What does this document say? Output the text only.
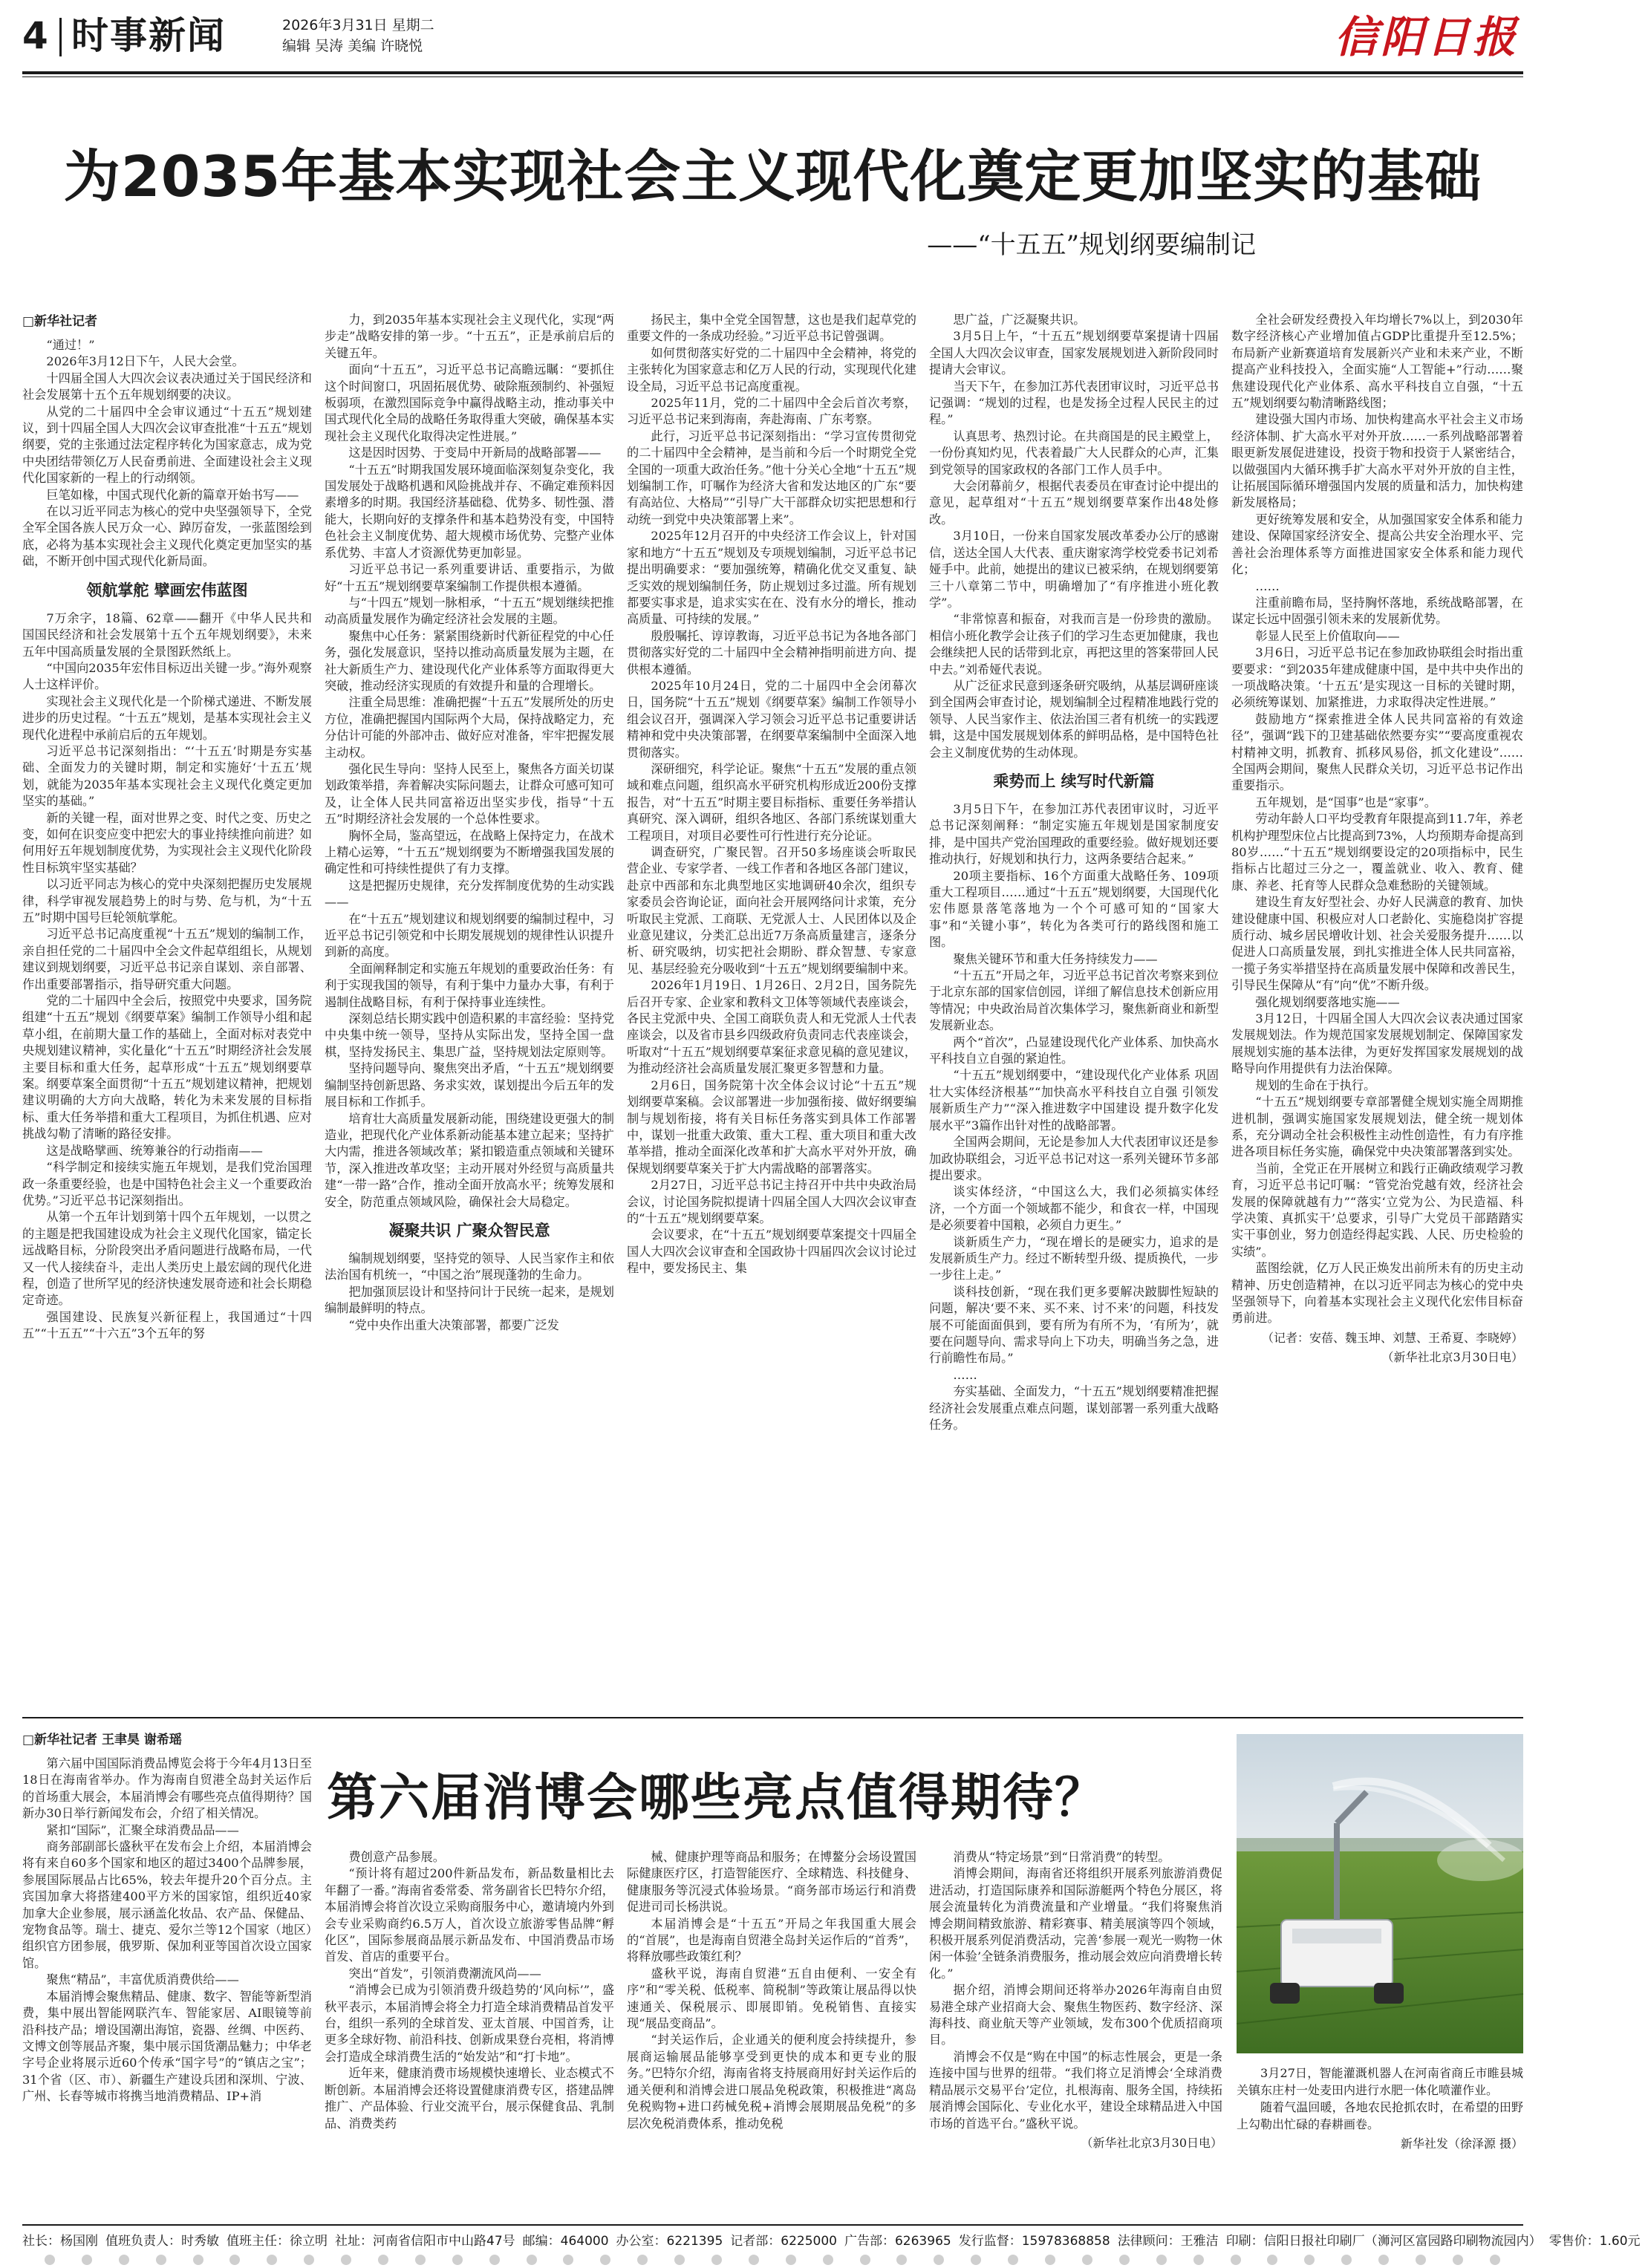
4 时事新闻	2026年3月31日 星期二
编辑 吴涛 美编 许晓悦	信阳日报
为2035年基本实现社会主义现代化奠定更加坚实的基础
——“十五五”规划纲要编制记
□新华社记者

“通过！”

2026年3月12日下午，人民大会堂。

十四届全国人大四次会议表决通过关于国民经济和社会发展第十五个五年规划纲要的决议。

从党的二十届四中全会审议通过“十五五”规划建议，到十四届全国人大四次会议审查批准“十五五”规划纲要，党的主张通过法定程序转化为国家意志，成为党中央团结带领亿万人民奋勇前进、全面建设社会主义现代化国家新的一程上的行动纲领。

巨笔如椽，中国式现代化新的篇章开始书写——

在以习近平同志为核心的党中央坚强领导下，全党全军全国各族人民万众一心、踔厉奋发，一张蓝图绘到底，必将为基本实现社会主义现代化奠定更加坚实的基础，不断开创中国式现代化新局面。

领航掌舵 擘画宏伟蓝图

7万余字，18篇、62章——翻开《中华人民共和国国民经济和社会发展第十五个五年规划纲要》，未来五年中国高质量发展的全景图跃然纸上。

“中国向2035年宏伟目标迈出关键一步。”海外观察人士这样评价。

实现社会主义现代化是一个阶梯式递进、不断发展进步的历史过程。“十五五”规划，是基本实现社会主义现代化进程中承前启后的五年规划。

习近平总书记深刻指出：“‘十五五’时期是夯实基础、全面发力的关键时期，制定和实施好‘十五五’规划，就能为2035年基本实现社会主义现代化奠定更加坚实的基础。”

新的关键一程，面对世界之变、时代之变、历史之变，如何在识变应变中把宏大的事业持续推向前进？如何用好五年规划制度优势，为实现社会主义现代化阶段性目标筑牢坚实基础？

以习近平同志为核心的党中央深刻把握历史发展规律，科学审视发展趋势上的时与势、危与机，为“十五五”时期中国号巨轮领航掌舵。

习近平总书记高度重视“十五五”规划的编制工作，亲自担任党的二十届四中全会文件起草组组长，从规划建议到规划纲要，习近平总书记亲自谋划、亲自部署、作出重要部署指示，指导研究重大问题。

党的二十届四中全会后，按照党中央要求，国务院组建“十五五”规划《纲要草案》编制工作领导小组和起草小组，在前期大量工作的基础上，全面对标对表党中央规划建议精神，实化量化“十五五”时期经济社会发展主要目标和重大任务，起草形成“十五五”规划纲要草案。纲要草案全面贯彻“十五五”规划建议精神，把规划建议明确的大方向大战略，转化为未来发展的目标指标、重大任务举措和重大工程项目，为抓住机遇、应对挑战勾勒了清晰的路径安排。

这是战略擘画、统筹兼谷的行动指南——

“科学制定和接续实施五年规划，是我们党治国理政一条重要经验，也是中国特色社会主义一个重要政治优势。”习近平总书记深刻指出。

从第一个五年计划到第十四个五年规划，一以贯之的主题是把我国建设成为社会主义现代化国家，锚定长远战略目标，分阶段突出矛盾问题进行战略布局，一代又一代人接续奋斗，走出人类历史上最宏阔的现代化进程，创造了世所罕见的经济快速发展奇迹和社会长期稳定奇迹。

强国建设、民族复兴新征程上，我国通过“十四五”“十五五”“十六五”3个五年的努

力，到2035年基本实现社会主义现代化，实现“两步走”战略安排的第一步。“十五五”，正是承前启后的关键五年。

面向“十五五”，习近平总书记高瞻远瞩：“要抓住这个时间窗口，巩固拓展优势、破除瓶颈制约、补强短板弱项，在激烈国际竞争中赢得战略主动，推动事关中国式现代化全局的战略任务取得重大突破，确保基本实现社会主义现代化取得决定性进展。”

这是因时因势、于变局中开新局的战略部署——

“十五五”时期我国发展环境面临深刻复杂变化，我国发展处于战略机遇和风险挑战并存、不确定难预料因素增多的时期。我国经济基础稳、优势多、韧性强、潜能大，长期向好的支撑条件和基本趋势没有变，中国特色社会主义制度优势、超大规模市场优势、完整产业体系优势、丰富人才资源优势更加彰显。

习近平总书记一系列重要讲话、重要指示，为做好“十五五”规划纲要草案编制工作提供根本遵循。

与“十四五”规划一脉相承，“十五五”规划继续把推动高质量发展作为确定经济社会发展的主题。

聚焦中心任务：紧紧围绕新时代新征程党的中心任务，强化发展意识，坚持以推动高质量发展为主题，在社大新质生产力、建设现代化产业体系等方面取得更大突破，推动经济实现质的有效提升和量的合理增长。

注重全局思维：准确把握“十五五”发展所处的历史方位，准确把握国内国际两个大局，保持战略定力，充分估计可能的外部冲击、做好应对准备，牢牢把握发展主动权。

强化民生导向：坚持人民至上，聚焦各方面关切谋划政策举措，奔着解决实际问题去，让群众可感可知可及，让全体人民共同富裕迈出坚实步伐，指导“十五五”时期经济社会发展的一个总体性要求。

胸怀全局，鉴高望远，在战略上保持定力，在战术上精心运筹，“十五五”规划纲要为不断增强我国发展的确定性和可持续性提供了有力支撑。

这是把握历史规律，充分发挥制度优势的生动实践——

在“十五五”规划建议和规划纲要的编制过程中，习近平总书记引领党和中长期发展规划的规律性认识提升到新的高度。

全面阐释制定和实施五年规划的重要政治任务：有利于实现我国的领导，有利于集中力量办大事，有利于遏制住战略目标，有利于保持事业连续性。

深刻总结长期实践中创造积累的丰富经验：坚持党中央集中统一领导，坚持从实际出发，坚持全国一盘棋，坚持发扬民主、集思广益，坚持规划法定原则等。

坚持问题导向、聚焦突出矛盾，“十五五”规划纲要编制坚持创新思路、务求实效，谋划提出今后五年的发展目标和工作抓手。

培育壮大高质量发展新动能，围绕建设更强大的制造业，把现代化产业体系新动能基本建立起来；坚持扩大内需，推进各领域改革；紧扣锻造重点领域和关键环节，深入推进改革攻坚；主动开展对外经贸与高质量共建“一带一路”合作，推动全面开放高水平；统筹发展和安全，防范重点领域风险，确保社会大局稳定。

凝聚共识 广聚众智民意

编制规划纲要，坚持党的领导、人民当家作主和依法治国有机统一，“中国之治”展现蓬勃的生命力。

把加强顶层设计和坚持问计于民统一起来，是规划编制最鲜明的特点。

“党中央作出重大决策部署，都要广泛发

扬民主，集中全党全国智慧，这也是我们起草党的重要文件的一条成功经验。”习近平总书记曾强调。

如何贯彻落实好党的二十届四中全会精神，将党的主张转化为国家意志和亿万人民的行动，实现现代化建设全局，习近平总书记高度重视。

2025年11月，党的二十届四中全会后首次考察，习近平总书记来到海南，奔赴海南、广东考察。

此行，习近平总书记深刻指出：“学习宣传贯彻党的二十届四中全会精神，是当前和今后一个时期党全党全国的一项重大政治任务。”他十分关心全地“十五五”规划编制工作，叮嘱作为经济大省和发达地区的广东“要有高站位、大格局”“引导广大干部群众切实把思想和行动统一到党中央决策部署上来”。

2025年12月召开的中央经济工作会议上，针对国家和地方“十五五”规划及专项规划编制，习近平总书记提出明确要求：“要加强统筹，精确化优交叉重复、缺乏实效的规划编制任务，防止规划过多过滥。所有规划都要实事求是，追求实实在在、没有水分的增长，推动高质量、可持续的发展。”

殷殷嘱托、谆谆教诲，习近平总书记为各地各部门贯彻落实好党的二十届四中全会精神指明前进方向、提供根本遵循。

2025年10月24日，党的二十届四中全会闭幕次日，国务院“十五五”规划《纲要草案》编制工作领导小组会议召开，强调深入学习领会习近平总书记重要讲话精神和党中央决策部署，在纲要草案编制中全面深入地贯彻落实。

深研细究，科学论证。聚焦“十五五”发展的重点领域和难点问题，组织高水平研究机构形成近200份支撑报告，对“十五五”时期主要目标指标、重要任务举措认真研究、深入调研，组织各地区、各部门系统谋划重大工程项目，对项目必要性可行性进行充分论证。

调查研究，广聚民智。召开50多场座谈会听取民营企业、专家学者、一线工作者和各地区各部门建议，赴京中西部和东北典型地区实地调研40余次，组织专家委员会咨询论证，面向社会开展网络问计求策，充分听取民主党派、工商联、无党派人士、人民团体以及企业意见建议，分类汇总出近7万条高质量建言，逐条分析、研究吸纳，切实把社会期盼、群众智慧、专家意见、基层经验充分吸收到“十五五”规划纲要编制中来。

2026年1月19日、1月26日、2月2日，国务院先后召开专家、企业家和教科文卫体等领域代表座谈会，各民主党派中央、全国工商联负责人和无党派人士代表座谈会，以及省市县乡四级政府负责同志代表座谈会，听取对“十五五”规划纲要草案征求意见稿的意见建议，为推动经济社会高质量发展汇聚更多智慧和力量。

2月6日，国务院第十次全体会议讨论“十五五”规划纲要草案稿。会议部署进一步加强衔接、做好纲要编制与规划衔接，将有关目标任务落实到具体工作部署中，谋划一批重大政策、重大工程、重大项目和重大改革举措，推动全面深化改革和扩大高水平对外开放，确保规划纲要草案关于扩大内需战略的部署落实。

2月27日，习近平总书记主持召开中共中央政治局会议，讨论国务院拟提请十四届全国人大四次会议审查的“十五五”规划纲要草案。

会议要求，在“十五五”规划纲要草案提交十四届全国人大四次会议审查和全国政协十四届四次会议讨论过程中，要发扬民主、集

思广益，广泛凝聚共识。

3月5日上午，“十五五”规划纲要草案提请十四届全国人大四次会议审查，国家发展规划进入新阶段同时提请大会审议。

当天下午，在参加江苏代表团审议时，习近平总书记强调：“规划的过程，也是发扬全过程人民民主的过程。”

认真思考、热烈讨论。在共商国是的民主殿堂上，一份份真知灼见，代表着最广大人民群众的心声，汇集到党领导的国家政权的各部门工作人员手中。

大会闭幕前夕，根据代表委员在审查讨论中提出的意见，起草组对“十五五”规划纲要草案作出48处修改。

3月10日，一份来自国家发展改革委办公厅的感谢信，送达全国人大代表、重庆谢家湾学校党委书记刘希娅手中。此前，她提出的建议已被采纳，在规划纲要第三十八章第二节中，明确增加了“有序推进小班化教学”。

“非常惊喜和振奋，对我而言是一份珍贵的激励。相信小班化教学会让孩子们的学习生态更加健康，我也会继续把人民的话带到北京，再把这里的答案带回人民中去。”刘希娅代表说。

从广泛征求民意到逐条研究吸纳，从基层调研座谈到全国两会审查讨论，规划编制全过程精准地践行党的领导、人民当家作主、依法治国三者有机统一的实践逻辑，这是中国发展规划体系的鲜明品格，是中国特色社会主义制度优势的生动体现。

乘势而上 续写时代新篇

3月5日下午，在参加江苏代表团审议时，习近平总书记深刻阐释：“制定实施五年规划是国家制度安排，是中国共产党治国理政的重要经验。做好规划还要推动执行，好规划和执行力，这两条要结合起来。”

20项主要指标、16个方面重大战略任务、109项重大工程项目……通过“十五五”规划纲要，大国现代化宏伟愿景落笔落地为一个个可感可知的“国家大事”和“关键小事”，转化为各类可行的路线图和施工图。

聚焦关键环节和重大任务持续发力——

“十五五”开局之年，习近平总书记首次考察来到位于北京东部的国家信创园，详细了解信息技术创新应用等情况；中央政治局首次集体学习，聚焦新商业和新型发展新业态。

两个“首次”，凸显建设现代化产业体系、加快高水平科技自立自强的紧迫性。

“十五五”规划纲要中，“建设现代化产业体系 巩固壮大实体经济根基”“加快高水平科技自立自强 引领发展新质生产力”“深入推进数字中国建设 提升数字化发展水平”3篇作出针对性的战略部署。

全国两会期间，无论是参加人大代表团审议还是参加政协联组会，习近平总书记对这一系列关键环节多部提出要求。

谈实体经济，“中国这么大，我们必须搞实体经济，一个方面一个领域都不能少，和食衣一样，中国现是必须要着中国粮，必须自力更生。”

谈新质生产力，“现在增长的是硬实力，追求的是发展新质生产力。经过不断转型升级、提质换代，一步一步往上走。”

谈科技创新，“现在我们更多要解决跛脚性短缺的问题，解决‘要不来、买不来、讨不来’的问题，科技发展不可能面面俱到，要有所为有所不为，‘有所为’，就要在问题导向、需求导向上下功夫，明确当务之急，进行前瞻性布局。”

……

夯实基础、全面发力，“十五五”规划纲要精准把握经济社会发展重点难点问题，谋划部署一系列重大战略任务。

全社会研发经费投入年均增长7%以上，到2030年数字经济核心产业增加值占GDP比重提升至12.5%；布局新产业新赛道培育发展新兴产业和未来产业，不断提高产业科技投入，全面实施“人工智能+”行动……聚焦建设现代化产业体系、高水平科技自立自强，“十五五”规划纲要勾勒清晰路线图；

建设强大国内市场、加快构建高水平社会主义市场经济体制、扩大高水平对外开放……一系列战略部署着眼更新发展促进建设，投资于物和投资于人紧密结合，以做强国内大循环携手扩大高水平对外开放的自主性，让拓展国际循环增强国内发展的质量和活力，加快构建新发展格局；

更好统筹发展和安全，从加强国家安全体系和能力建设、保障国家经济安全、提高公共安全治理水平、完善社会治理体系等方面推进国家安全体系和能力现代化；

……

注重前瞻布局，坚持胸怀落地，系统战略部署，在谋定长远中固强引领未来的发展新优势。

彰显人民至上价值取向——

3月6日，习近平总书记在参加政协联组会时指出重要要求：“到2035年建成健康中国，是中共中央作出的一项战略决策。‘十五五’是实现这一目标的关键时期，必须统筹谋划、加紧推进，力求取得决定性进展。”

鼓励地方“探索推进全体人民共同富裕的有效途径”，强调“践下的卫建基础依然要夯实”“要高度重视农村精神文明，抓教育、抓移风易俗，抓文化建设”……全国两会期间，聚焦人民群众关切，习近平总书记作出重要指示。

五年规划，是“国事”也是“家事”。

劳动年龄人口平均受教育年限提高到11.7年，养老机构护理型床位占比提高到73%，人均预期寿命提高到80岁……“十五五”规划纲要设定的20项指标中，民生指标占比超过三分之一，覆盖就业、收入、教育、健康、养老、托育等人民群众急难愁盼的关键领域。

建设生育友好型社会、办好人民满意的教育、加快建设健康中国、积极应对人口老龄化、实施稳岗扩容提质行动、城乡居民增收计划、社会关爱服务提升……以促进人口高质量发展，到扎实推进全体人民共同富裕，一揽子务实举措坚持在高质量发展中保障和改善民生，引导民生保障从“有”向“优”不断升级。

强化规划纲要落地实施——

3月12日，十四届全国人大四次会议表决通过国家发展规划法。作为规范国家发展规划制定、保障国家发展规划实施的基本法律，为更好发挥国家发展规划的战略导向作用提供有力法治保障。

规划的生命在于执行。

“十五五”规划纲要专章部署健全规划实施全周期推进机制，强调实施国家发展规划法，健全统一规划体系，充分调动全社会积极性主动性创造性，有力有序推进各项目标任务实施，确保党中央决策部署落到实处。

当前，全党正在开展树立和践行正确政绩观学习教育，习近平总书记叮嘱：“管党治党越有效，经济社会发展的保障就越有力”“落实‘立党为公、为民造福、科学决策、真抓实干’总要求，引导广大党员干部踏踏实实干事创业，努力创造经得起实践、人民、历史检验的实绩”。

蓝图绘就，亿万人民正焕发出前所未有的历史主动精神、历史创造精神，在以习近平同志为核心的党中央坚强领导下，向着基本实现社会主义现代化宏伟目标奋勇前进。

（记者：安蓓、魏玉坤、刘慧、王希夏、李晓婷）
（新华社北京3月30日电）
□新华社记者 王聿昊 谢希瑶

第六届中国国际消费品博览会将于今年4月13日至18日在海南省举办。作为海南自贸港全岛封关运作后的首场重大展会，本届消博会有哪些亮点值得期待？国新办30日举行新闻发布会，介绍了相关情况。

紧扣“国际”，汇聚全球消费品品——

商务部副部长盛秋平在发布会上介绍，本届消博会将有来自60多个国家和地区的超过3400个品牌参展，参展国际展品占比65%，较去年提升20个百分点。主宾国加拿大将搭建400平方米的国家馆，组织近40家加拿大企业参展，展示涵盖化妆品、农产品、保健品、宠物食品等。瑞士、捷克、爱尔兰等12个国家（地区）组织官方团参展，俄罗斯、保加利亚等国首次设立国家馆。

聚焦“精品”，丰富优质消费供给——

本届消博会聚焦精品、健康、数字、智能等新型消费，集中展出智能网联汽车、智能家居、AI眼镜等前沿科技产品；增设国潮出海馆，瓷器、丝绸、中医药、文博文创等展品齐聚，集中展示国货潮品魅力；中华老字号企业将展示近60个传承“国字号”的“镇店之宝”；31个省（区、市）、新疆生产建设兵团和深圳、宁波、广州、长春等城市将携当地消费精品、IP+消

第六届消博会哪些亮点值得期待？

费创意产品参展。

“预计将有超过200件新品发布，新品数量相比去年翻了一番。”海南省委常委、常务副省长巴特尔介绍，本届消博会将首次设立采购商服务中心，邀请境内外到会专业采购商约6.5万人，首次设立旅游零售品牌“孵化区”，国际参展商品展示新品发布、中国消费品市场首发、首店的重要平台。

突出“首发”，引领消费潮流风尚——

“消博会已成为引领消费升级趋势的‘风向标’”，盛秋平表示，本届消博会将全力打造全球消费精品首发平台，组织一系列的全球首发、亚太首展、中国首秀，让更多全球好物、前沿科技、创新成果登台亮相，将消博会打造成全球消费生活的“始发站”和“打卡地”。

近年来，健康消费市场规模快速增长、业态模式不断创新。本届消博会还将设置健康消费专区，搭建品牌推广、产品体验、行业交流平台，展示保健食品、乳制品、消费类药

械、健康护理等商品和服务；在博鳌分会场设置国际健康医疗区，打造智能医疗、全球精选、科技健身、健康服务等沉浸式体验场景。“商务部市场运行和消费促进司司长杨洪说。

本届消博会是“十五五”开局之年我国重大展会的“首展”，也是海南自贸港全岛封关运作后的“首秀”，将释放哪些政策红利？

盛秋平说，海南自贸港“五自由便利、一安全有序”和“零关税、低税率、简税制”等政策让展品得以快速通关、保税展示、即展即销。免税销售、直接实现“展品变商品”。

“封关运作后，企业通关的便利度会持续提升，参展商运输展品能够享受到更快的成本和更专业的服务。”巴特尔介绍，海南省将支持展商用好封关运作后的通关便利和消博会进口展品免税政策，积极推进“离岛免税购物+进口药械免税+消博会展期展品免税”的多层次免税消费体系，推动免税

消费从“特定场景”到“日常消费”的转型。

消博会期间，海南省还将组织开展系列旅游消费促进活动，打造国际康养和国际游艇两个特色分展区，将展会流量转化为消费流量和产业增量。“我们将聚焦消博会期间精致旅游、精彩赛事、精美展演等四个领域，积极开展系列促消费活动，完善‘参展一观光一购物一休闲一体验’全链条消费服务，推动展会效应向消费增长转化。”

据介绍，消博会期间还将举办2026年海南自由贸易港全球产业招商大会、聚焦生物医药、数字经济、深海科技、商业航天等产业领域，发布300个优质招商项目。

消博会不仅是“购在中国”的标志性展会，更是一条连接中国与世界的纽带。“我们将立足消博会‘全球消费精品展示交易平台’定位，扎根海南、服务全国，持续拓展消博会国际化、专业化水平，建设全球精品进入中国市场的首选平台。”盛秋平说。

（新华社北京3月30日电）

3月27日，智能灌溉机器人在河南省商丘市睢县城关镇东庄村一处麦田内进行水肥一体化喷灌作业。

随着气温回暖，各地农民抢抓农时，在希望的田野上勾勒出忙碌的春耕画卷。

新华社发（徐泽源 摄）
社长：杨国刚 值班负责人：时秀敏 值班主任：徐立明 社址：河南省信阳市中山路47号 邮编：464000 办公室：6221395 记者部：6225000 广告部：6263965 发行监督：15978368858 法律顾问：王雅洁 印刷：信阳日报社印刷厂（浉河区富园路印刷物流园内） 零售价：1.60元
